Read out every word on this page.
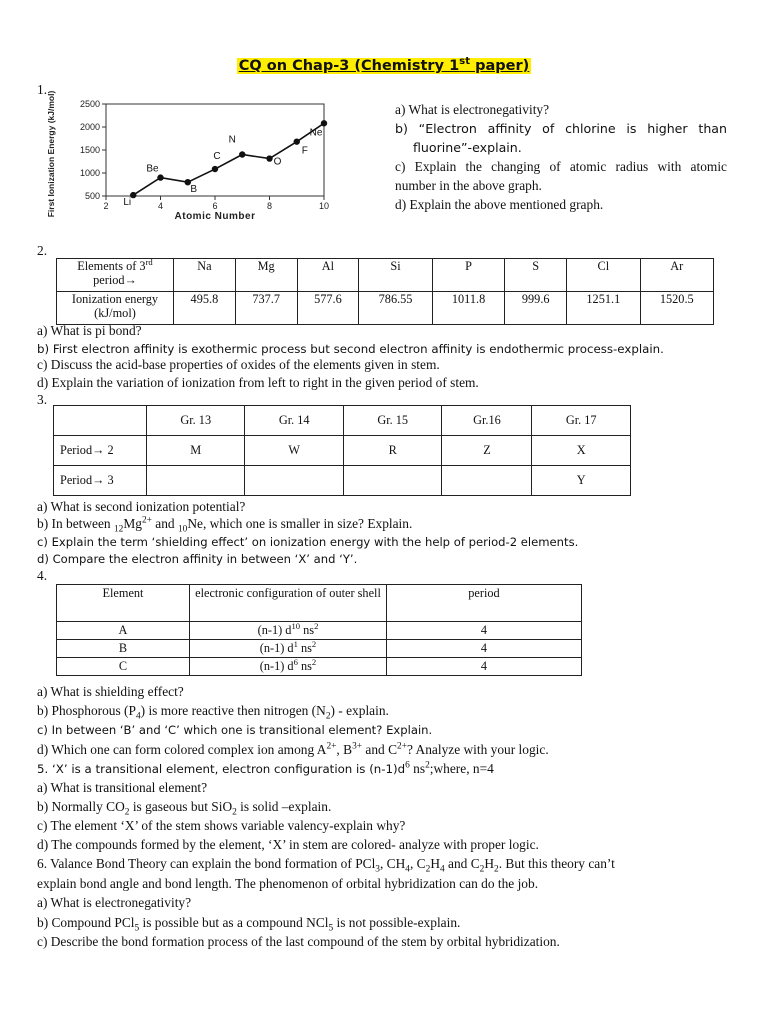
CQ on Chap-3 (Chemistry 1st paper)
1.
500
1000
1500
2000
2500
2	4	6	8	10
Atomic Number
First Ionization Energy (kJ/mol)	Li
Be
B
C
N
O
F
Ne

a) What is electronegativity?

b) “Electron affinity of chlorine is higher than

fluorine”-explain.

c) Explain the changing of atomic radius with atomic

number in the above graph.

d) Explain the above mentioned graph.

2.
Elements of 3rd period→	Na	Mg	Al	Si	P	S	Cl	Ar
Ionization energy (kJ/mol)	495.8	737.7	577.6	786.55	1011.8	999.6	1251.1	1520.5
a) What is pi bond?
b) First electron affinity is exothermic process but second electron affinity is endothermic process-explain.
c) Discuss the acid-base properties of oxides of the elements given in stem.
d) Explain the variation of ionization from left to right in the given period of stem.
3.
	Gr. 13	Gr. 14	Gr. 15	Gr.16	Gr. 17
Period→ 2	M	W	R	Z	X
Period→ 3					Y
a) What is second ionization potential?
b) In between $_{12}Mg^{2+}$ and $_{10}$Ne, which one is smaller in size? Explain.
c) Explain the term ‘shielding effect’ on ionization energy with the help of period-2 elements.
d) Compare the electron affinity in between ‘X’ and ‘Y’.
4.
Element	electronic configuration of outer shell	period
A	(n-1) $d^{10}$ $ns^2$	4
B	(n-1) $d^1$ $ns^2$	4
C	(n-1) $d^6$ $ns^2$	4
a) What is shielding effect?
b) Phosphorous $(P_4)$ is more reactive then nitrogen $(N_2)$ - explain.
c) In between ‘B’ and ‘C’ which one is transitional element? Explain.
d) Which one can form colored complex ion among $A^{2+}$, $B^{3+}$ and $C^{2+}$? Analyze with your logic.
5. ‘X’ is a transitional element, electron configuration is $(n-1)d^6$ $ns^2;where$, n=4
a) What is transitional element?
b) Normally $CO_2$ is gaseous but SiO$_2$ is solid –explain.
c) The element ‘X’ of the stem shows variable valency-explain why?
d) The compounds formed by the element, ‘X’ in stem are colored- analyze with proper logic.
6. Valance Bond Theory can explain the bond formation of PCl$_3$, $CH_4$, $C_2H_4$ and $C_2H_2$. But this theory can’t
explain bond angle and bond length. The phenomenon of orbital hybridization can do the job.
a) What is electronegativity?
b) Compound PCl$_5$ is possible but as a compound NCl$_5$ is not possible-explain.
c) Describe the bond formation process of the last compound of the stem by orbital hybridization.
